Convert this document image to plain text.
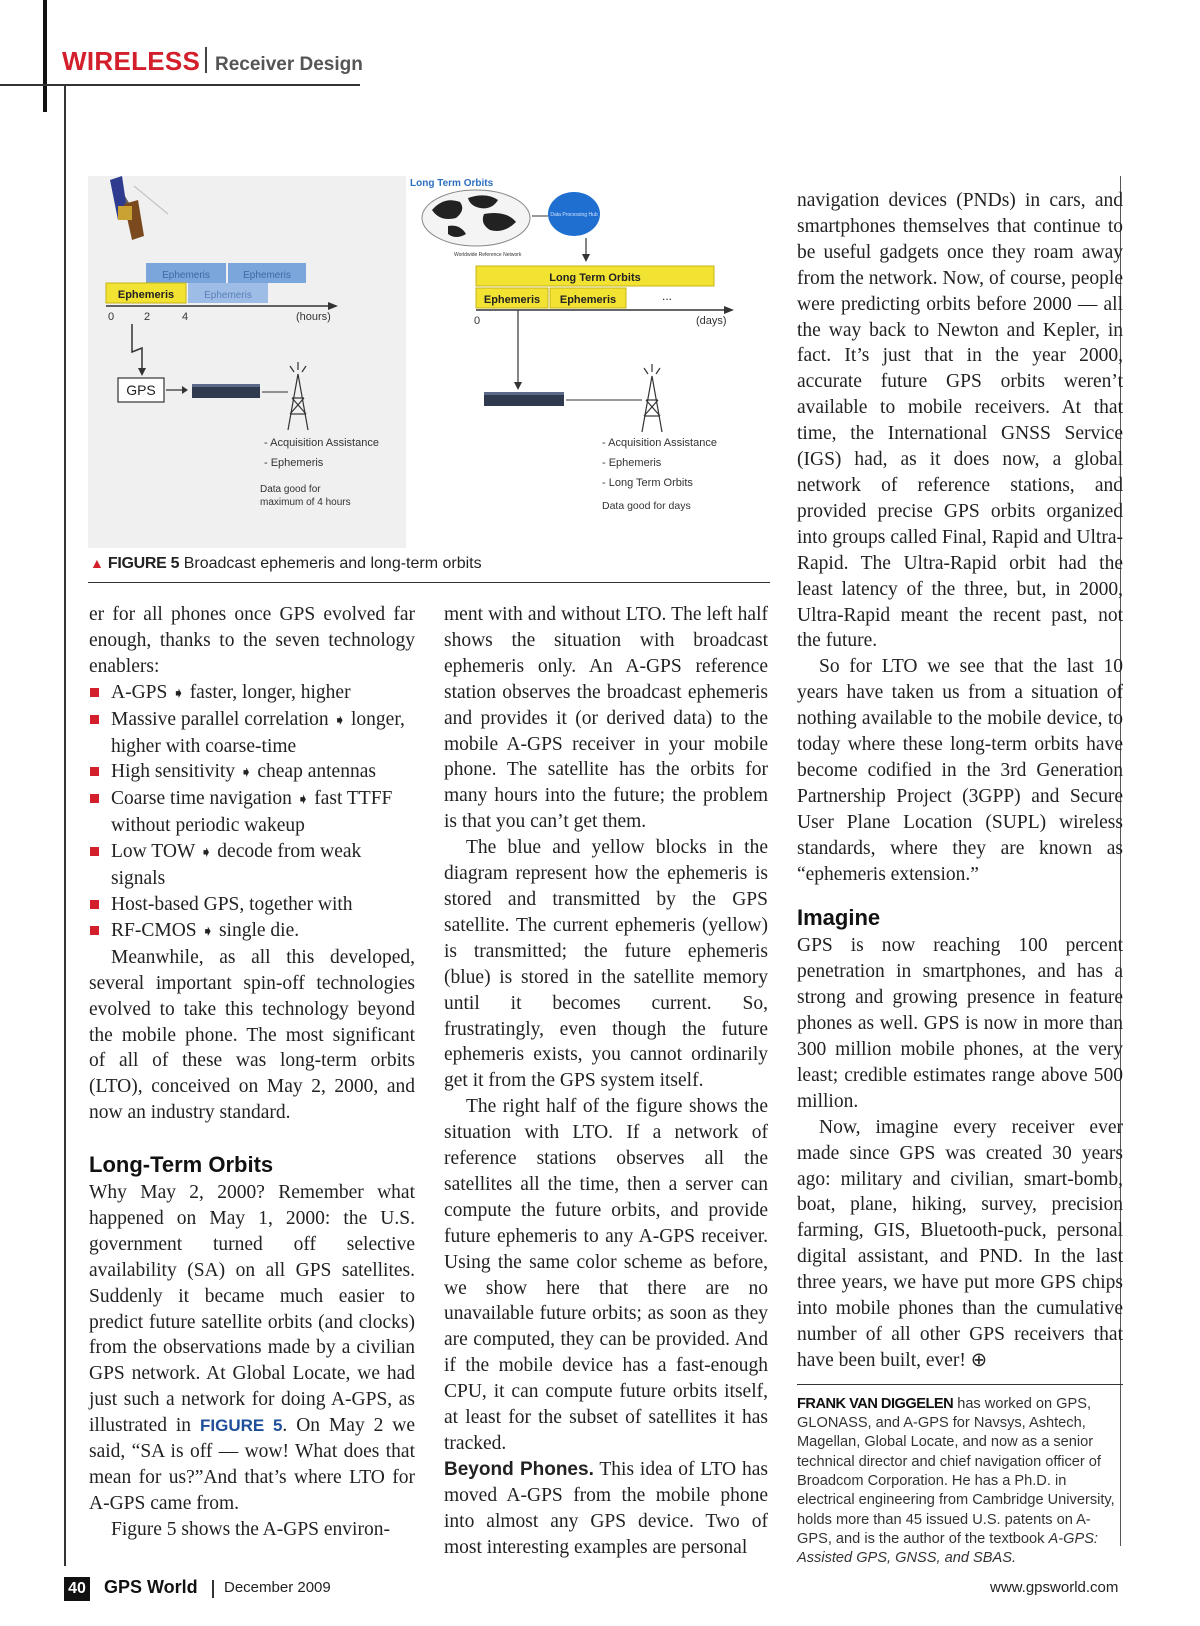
WIRELESS Receiver Design
Ephemeris	Ephemeris
Ephemeris
Ephemeris
0	2	4	(hours)
GPS
- Acquisition Assistance
- Ephemeris
Data good for
maximum of 4 hours
Long Term Orbits
Worldwide Reference Network
Data Processing Hub
Long Term Orbits
Ephemeris Ephemeris	...
0	(days)
- Acquisition Assistance
- Ephemeris
- Long Term Orbits
Data good for days
▲ FIGURE 5 Broadcast ephemeris and long-term orbits

er for all phones once GPS evolved far enough, thanks to the seven technology enablers:

A-GPS ➧ faster, longer, higher
Massive parallel correlation ➧ longer, higher with coarse-time
High sensitivity ➧ cheap antennas
Coarse time navigation ➧ fast TTFF without periodic wakeup
Low TOW ➧ decode from weak signals
Host-based GPS, together with
RF-CMOS ➧ single die.

Meanwhile, as all this developed, several important spin-off technologies evolved to take this technology beyond the mobile phone. The most significant of all of these was long-term orbits (LTO), conceived on May 2, 2000, and now an industry standard.

Long-Term Orbits

Why May 2, 2000? Remember what happened on May 1, 2000: the U.S. government turned off selective availability (SA) on all GPS satellites. Suddenly it became much easier to predict future satellite orbits (and clocks) from the observations made by a civilian GPS network. At Global Locate, we had just such a network for doing A-GPS, as illustrated in FIGURE 5. On May 2 we said, “SA is off — wow! What does that mean for us?”And that’s where LTO for A-GPS came from.

Figure 5 shows the A-GPS environ-

ment with and without LTO. The left half shows the situation with broadcast ephemeris only. An A-GPS reference station observes the broadcast ephemeris and provides it (or derived data) to the mobile A-GPS receiver in your mobile phone. The satellite has the orbits for many hours into the future; the problem is that you can’t get them.

The blue and yellow blocks in the diagram represent how the ephemeris is stored and transmitted by the GPS satellite. The current ephemeris (yellow) is transmitted; the future ephemeris (blue) is stored in the satellite memory until it becomes current. So, frustratingly, even though the future ephemeris exists, you cannot ordinarily get it from the GPS system itself.

The right half of the figure shows the situation with LTO. If a network of reference stations observes all the satellites all the time, then a server can compute the future orbits, and provide future ephemeris to any A-GPS receiver. Using the same color scheme as before, we show here that there are no unavailable future orbits; as soon as they are computed, they can be provided. And if the mobile device has a fast-enough CPU, it can compute future orbits itself, at least for the subset of satellites it has tracked.

Beyond Phones. This idea of LTO has moved A-GPS from the mobile phone into almost any GPS device. Two of most interesting examples are personal

navigation devices (PNDs) in cars, and smartphones themselves that continue to be useful gadgets once they roam away from the network. Now, of course, people were predicting orbits before 2000 — all the way back to Newton and Kepler, in fact. It’s just that in the year 2000, accurate future GPS orbits weren’t available to mobile receivers. At that time, the International GNSS Service (IGS) had, as it does now, a global network of reference stations, and provided precise GPS orbits organized into groups called Final, Rapid and Ultra-Rapid. The Ultra-Rapid orbit had the least latency of the three, but, in 2000, Ultra-Rapid meant the recent past, not the future.

So for LTO we see that the last 10 years have taken us from a situation of nothing available to the mobile device, to today where these long-term orbits have become codified in the 3rd Generation Partnership Project (3GPP) and Secure User Plane Location (SUPL) wireless standards, where they are known as “ephemeris extension.”

Imagine

GPS is now reaching 100 percent penetration in smartphones, and has a strong and growing presence in feature phones as well. GPS is now in more than 300 million mobile phones, at the very least; credible estimates range above 500 million.

Now, imagine every receiver ever made since GPS was created 30 years ago: military and civilian, smart-bomb, boat, plane, hiking, survey, precision farming, GIS, Bluetooth-puck, personal digital assistant, and PND. In the last three years, we have put more GPS chips into mobile phones than the cumulative number of all other GPS receivers that have been built, ever! ⊕

FRANK VAN DIGGELEN has worked on GPS, GLONASS, and A-GPS for Navsys, Ashtech, Magellan, Global Locate, and now as a senior technical director and chief navigation officer of Broadcom Corporation. He has a Ph.D. in electrical engineering from Cambridge University, holds more than 45 issued U.S. patents on A-GPS, and is the author of the textbook A-GPS: Assisted GPS, GNSS, and SBAS.
40 GPS World December 2009	www.gpsworld.com
